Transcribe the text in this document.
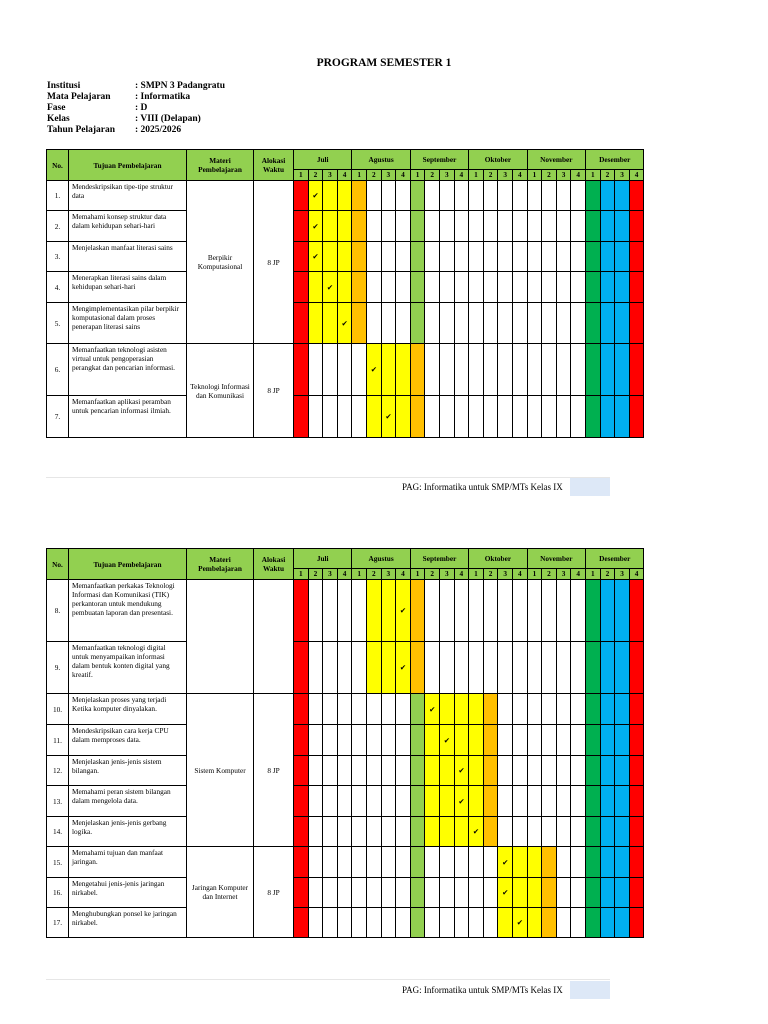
PROGRAM SEMESTER 1
Institusi	: SMPN 3 Padangratu
Mata Pelajaran	: Informatika
Fase	: D
Kelas	: VIII (Delapan)
Tahun Pelajaran	: 2025/2026
No.	Tujuan Pembelajaran	Materi Pembelajaran	Alokasi Waktu	Juli				Agustus				September				Oktober				November				Desember			
				1	2	3	4	1	2	3	4	1	2	3	4	1	2	3	4	1	2	3	4	1	2	3	4
1.	Mendeskripsikan tipe-tipe struktur data	Berpikir Komputasional	8 JP		✔																						
2.	Memahami konsep struktur data dalam kehidupan sehari-hari				✔																						
3.	Menjelaskan manfaat literasi sains				✔																						
4.	Menerapkan literasi sains dalam kehidupan sehari-hari					✔																					
5.	Mengimplementasikan pilar berpikir komputasional dalam proses penerapan literasi sains						✔																				
6.	Memanfaatkan teknologi asisten virtual untuk pengoperasian perangkat dan pencarian informasi.	Teknologi Informasi dan Komunikasi	8 JP						✔																		
7.	Memanfaatkan aplikasi peramban untuk pencarian informasi ilmiah.									✔																	
PAG: Informatika untuk SMP/MTs Kelas IX
No.	Tujuan Pembelajaran	Materi Pembelajaran	Alokasi Waktu	Juli				Agustus				September				Oktober				November				Desember			
				1	2	3	4	1	2	3	4	1	2	3	4	1	2	3	4	1	2	3	4	1	2	3	4
8.	Memanfaatkan perkakas Teknologi Informasi dan Komunikasi (TIK) perkantoran untuk mendukung pembuatan laporan dan presentasi.										✔																
9.	Memanfaatkan teknologi digital untuk menyampaikan informasi dalam bentuk konten digital yang kreatif.										✔																
10.	Menjelaskan proses yang terjadi Ketika komputer dinyalakan.	Sistem Komputer	8 JP										✔														
11.	Mendeskripsikan cara kerja CPU dalam memproses data.													✔													
12.	Menjelaskan jenis-jenis sistem bilangan.														✔												
13.	Memahami peran sistem bilangan dalam mengelola data.														✔												
14.	Menjelaskan jenis-jenis gerbang logika.															✔											
15.	Memahami tujuan dan manfaat jaringan.	Jaringan Komputer dan Internet	8 JP															✔									
16.	Mengetahui jenis-jenis jaringan nirkabel.																	✔									
17.	Menghubungkan ponsel ke jaringan nirkabel.																		✔								
PAG: Informatika untuk SMP/MTs Kelas IX
